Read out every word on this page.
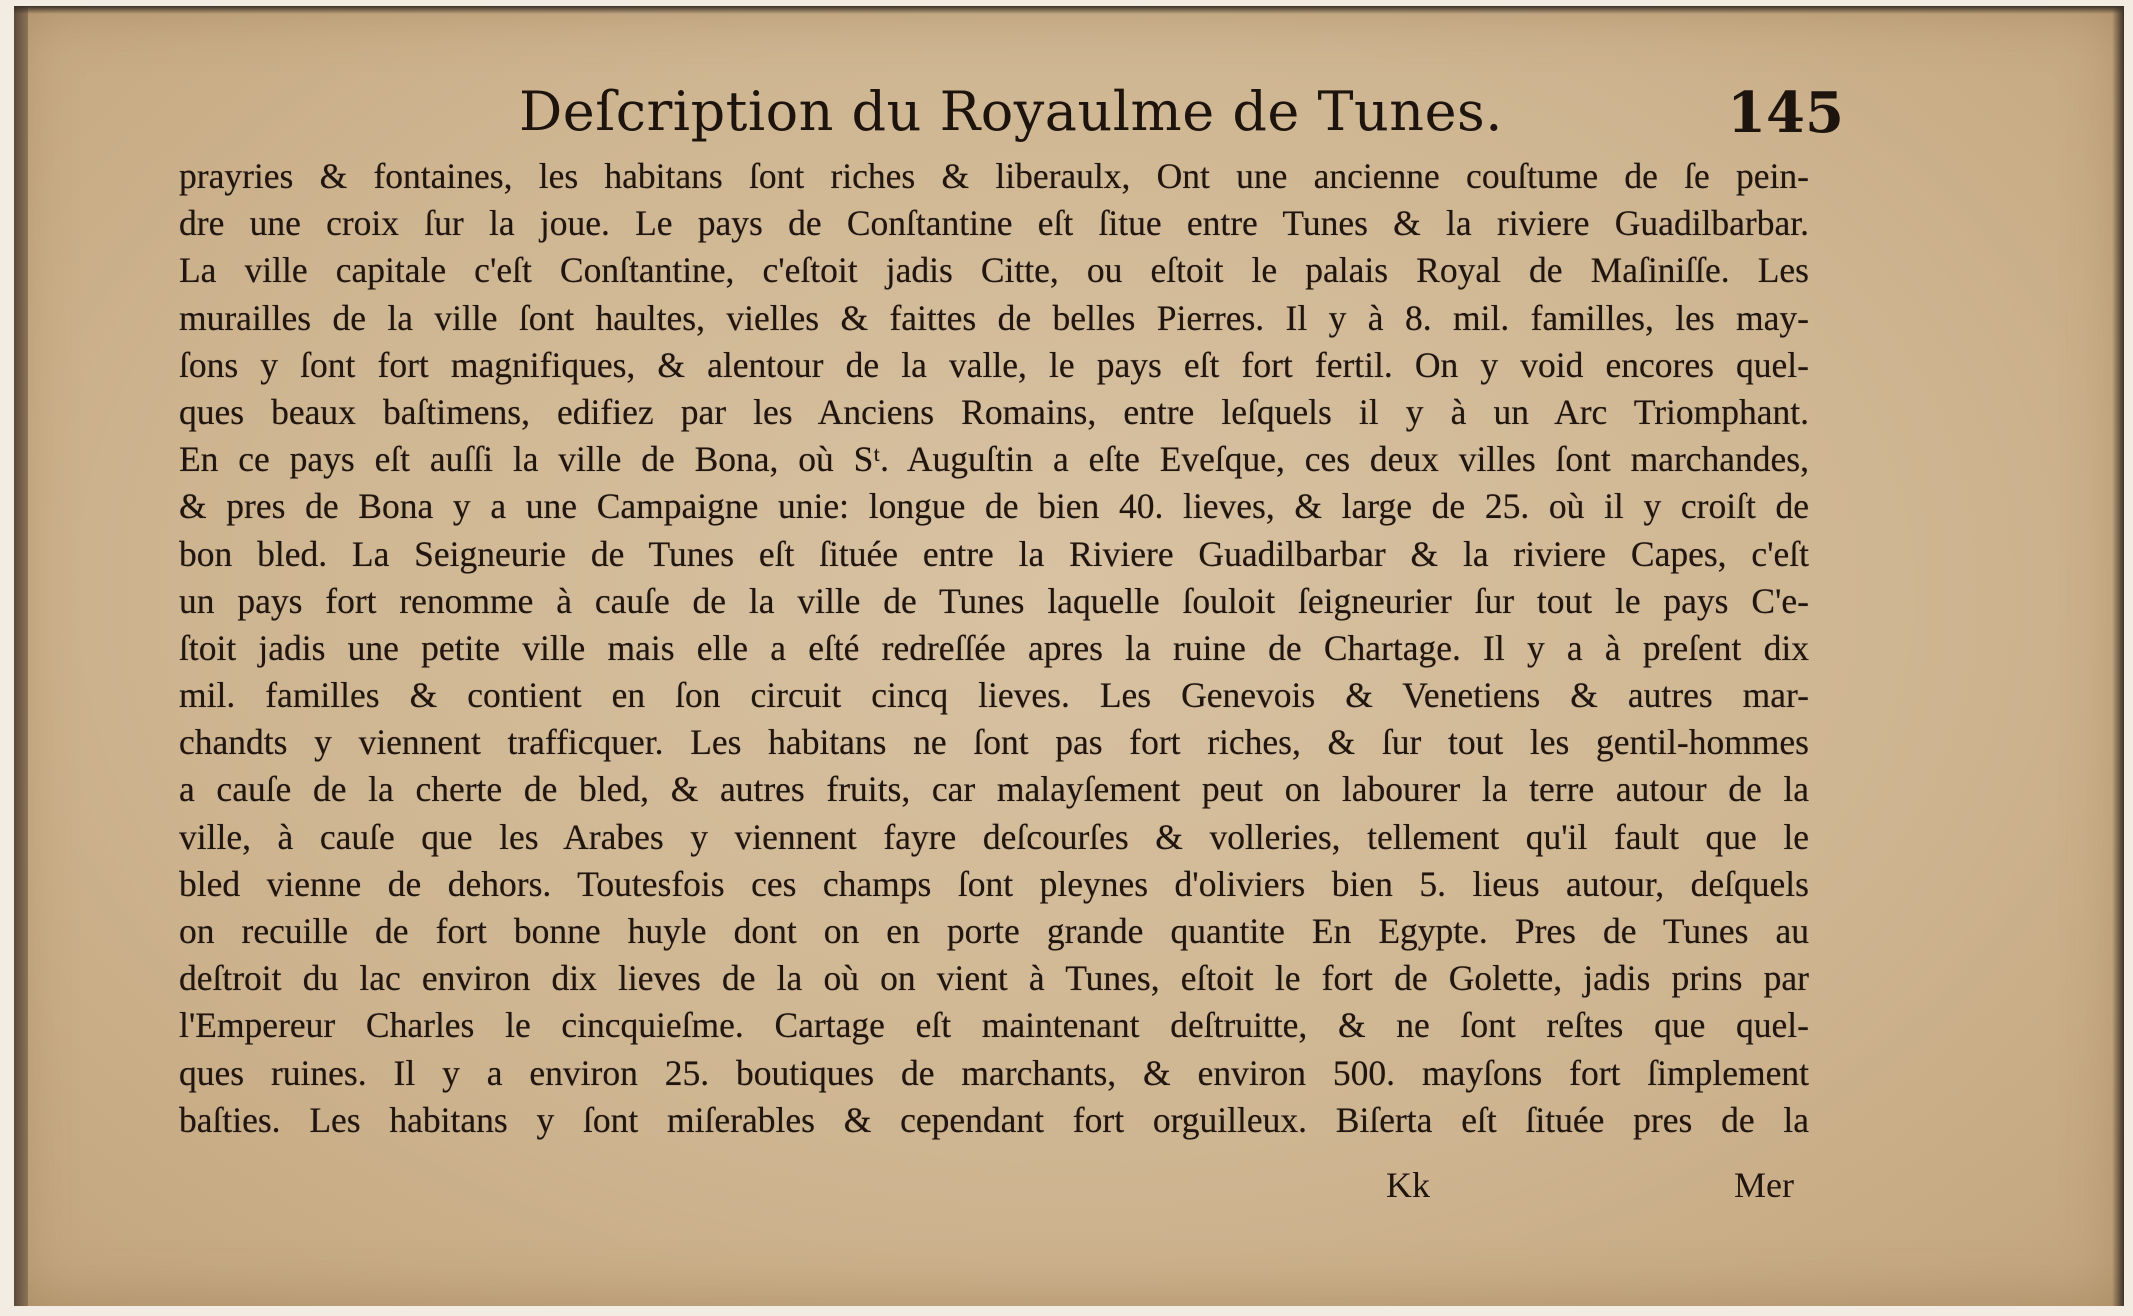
Deſcription du Royaulme de Tunes.	145
prayries & fontaines, les habitans ſont riches & liberaulx, Ont une ancienne couſtume de ſe pein-
dre une croix ſur la joue. Le pays de Conſtantine eſt ſitue entre Tunes & la riviere Guadilbarbar.
La ville capitale c'eſt Conſtantine, c'eſtoit jadis Citte, ou eſtoit le palais Royal de Maſiniſſe. Les
murailles de la ville ſont haultes, vielles & faittes de belles Pierres. Il y à 8. mil. familles, les may-
ſons y ſont fort magnifiques, & alentour de la valle, le pays eſt fort fertil. On y void encores quel-
ques beaux baſtimens, edifiez par les Anciens Romains, entre leſquels il y à un Arc Triomphant.
En ce pays eſt auſſi la ville de Bona, où Sᵗ. Auguſtin a eſte Eveſque, ces deux villes ſont marchandes,
& pres de Bona y a une Campaigne unie: longue de bien 40. lieves, & large de 25. où il y croiſt de
bon bled. La Seigneurie de Tunes eſt ſituée entre la Riviere Guadilbarbar & la riviere Capes, c'eſt
un pays fort renomme à cauſe de la ville de Tunes laquelle ſouloit ſeigneurier ſur tout le pays C'e-
ſtoit jadis une petite ville mais elle a eſté redreſſée apres la ruine de Chartage. Il y a à preſent dix
mil. familles & contient en ſon circuit cincq lieves. Les Genevois & Venetiens & autres mar-
chandts y viennent trafficquer. Les habitans ne ſont pas fort riches, & ſur tout les gentil-hommes
a cauſe de la cherte de bled, & autres fruits, car malayſement peut on labourer la terre autour de la
ville, à cauſe que les Arabes y viennent fayre deſcourſes & volleries, tellement qu'il fault que le
bled vienne de dehors. Toutesfois ces champs ſont pleynes d'oliviers bien 5. lieus autour, deſquels
on recuille de fort bonne huyle dont on en porte grande quantite En Egypte. Pres de Tunes au
deſtroit du lac environ dix lieves de la où on vient à Tunes, eſtoit le fort de Golette, jadis prins par
l'Empereur Charles le cincquieſme. Cartage eſt maintenant deſtruitte, & ne ſont reſtes que quel-
ques ruines. Il y a environ 25. boutiques de marchants, & environ 500. mayſons fort ſimplement
baſties. Les habitans y ſont miſerables & cependant fort orguilleux. Biſerta eſt ſituée pres de la
Kk	Mer
